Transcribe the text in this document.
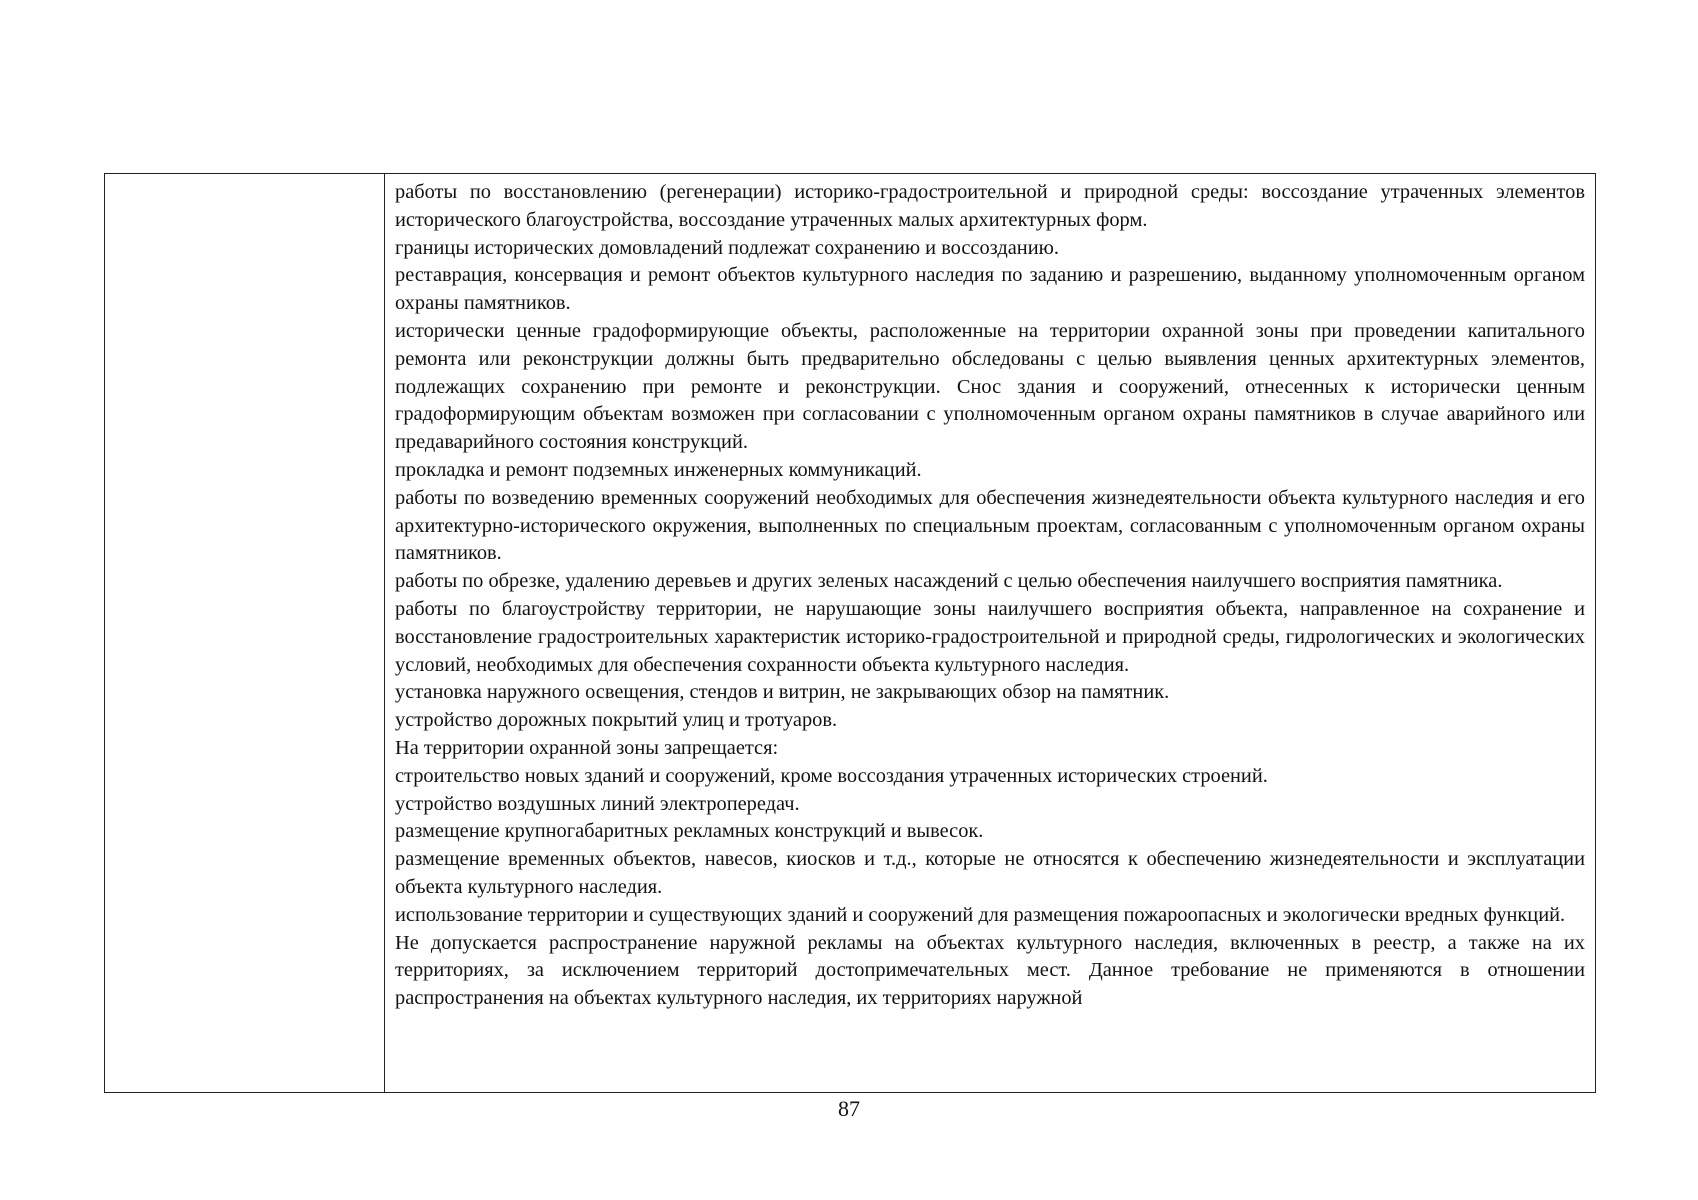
работы по восстановлению (регенерации) историко-градостроительной и природной среды: воссоздание утраченных элементов исторического благоустройства, воссоздание утраченных малых архитектурных форм.

границы исторических домовладений подлежат сохранению и воссозданию.

реставрация, консервация и ремонт объектов культурного наследия по заданию и разрешению, выданному уполномоченным органом охраны памятников.

исторически ценные градоформирующие объекты, расположенные на территории охранной зоны при проведении капитального ремонта или реконструкции должны быть предварительно обследованы с целью выявления ценных архитектурных элементов, подлежащих сохранению при ремонте и реконструкции. Снос здания и сооружений, отнесенных к исторически ценным градоформирующим объектам возможен при согласовании с уполномоченным органом охраны памятников в случае аварийного или предаварийного состояния конструкций.

прокладка и ремонт подземных инженерных коммуникаций.

работы по возведению временных сооружений необходимых для обеспечения жизнедеятельности объекта культурного наследия и его архитектурно-исторического окружения, выполненных по специальным проектам, согласованным с уполномоченным органом охраны памятников.

работы по обрезке, удалению деревьев и других зеленых насаждений с целью обеспечения наилучшего восприятия памятника.

работы по благоустройству территории, не нарушающие зоны наилучшего восприятия объекта, направленное на сохранение и восстановление градостроительных характеристик историко-градостроительной и природной среды, гидрологических и экологических условий, необходимых для обеспечения сохранности объекта культурного наследия.

установка наружного освещения, стендов и витрин, не закрывающих обзор на памятник.

устройство дорожных покрытий улиц и тротуаров.

На территории охранной зоны запрещается:

строительство новых зданий и сооружений, кроме воссоздания утраченных исторических строений.

устройство воздушных линий электропередач.

размещение крупногабаритных рекламных конструкций и вывесок.

размещение временных объектов, навесов, киосков и т.д., которые не относятся к обеспечению жизнедеятельности и эксплуатации объекта культурного наследия.

использование территории и существующих зданий и сооружений для размещения пожароопасных и экологически вредных функций.

Не допускается распространение наружной рекламы на объектах культурного наследия, включенных в реестр, а также на их территориях, за исключением территорий достопримечательных мест. Данное требование не применяются в отношении распространения на объектах культурного наследия, их территориях наружной

87
